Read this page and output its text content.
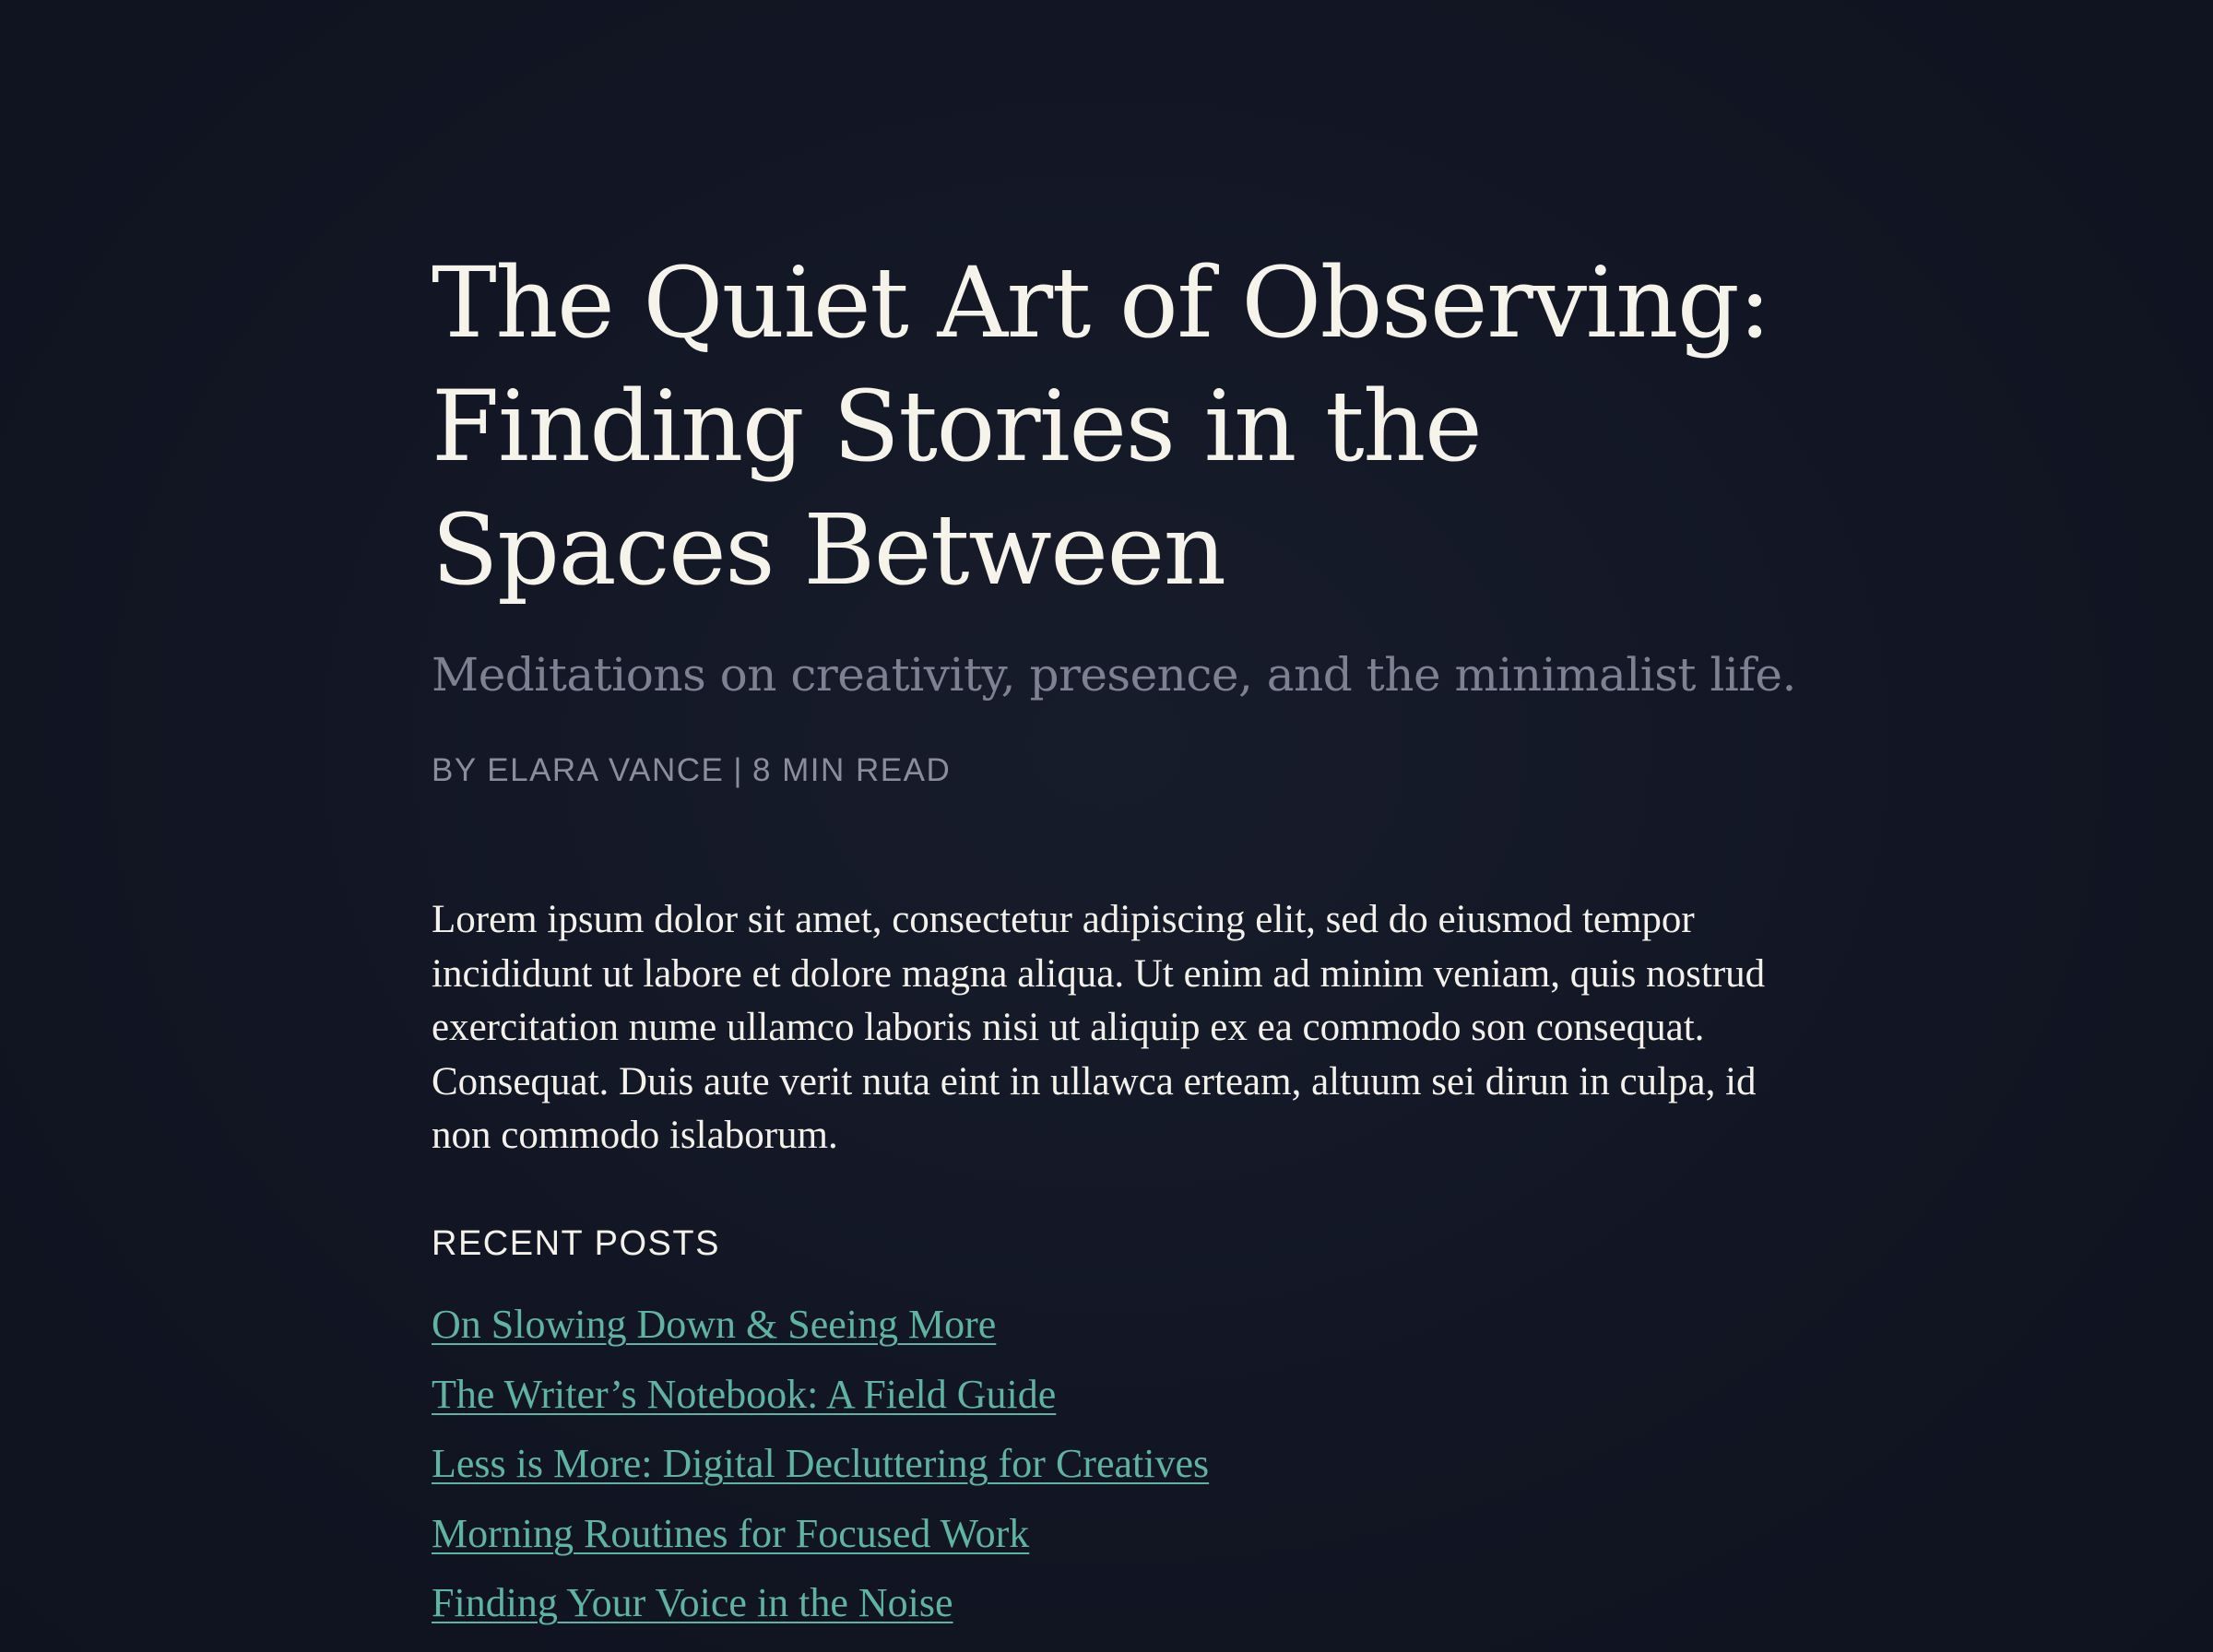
The Quiet Art of Observing: Finding Stories in the Spaces Between
Meditations on creativity, presence, and the minimalist life.
BY ELARA VANCE | 8 MIN READ

Lorem ipsum dolor sit amet, consectetur adipiscing elit, sed do eiusmod tempor incididunt ut labore et dolore magna aliqua. Ut enim ad minim veniam, quis nostrud exercitation nume ullamco laboris nisi ut aliquip ex ea commodo son consequat. Consequat. Duis aute verit nuta eint in ullawca erteam, altuum sei dirun in culpa, id non commodo islaborum.

RECENT POSTS
On Slowing Down & Seeing More
The Writer’s Notebook: A Field Guide
Less is More: Digital Decluttering for Creatives
Morning Routines for Focused Work
Finding Your Voice in the Noise
